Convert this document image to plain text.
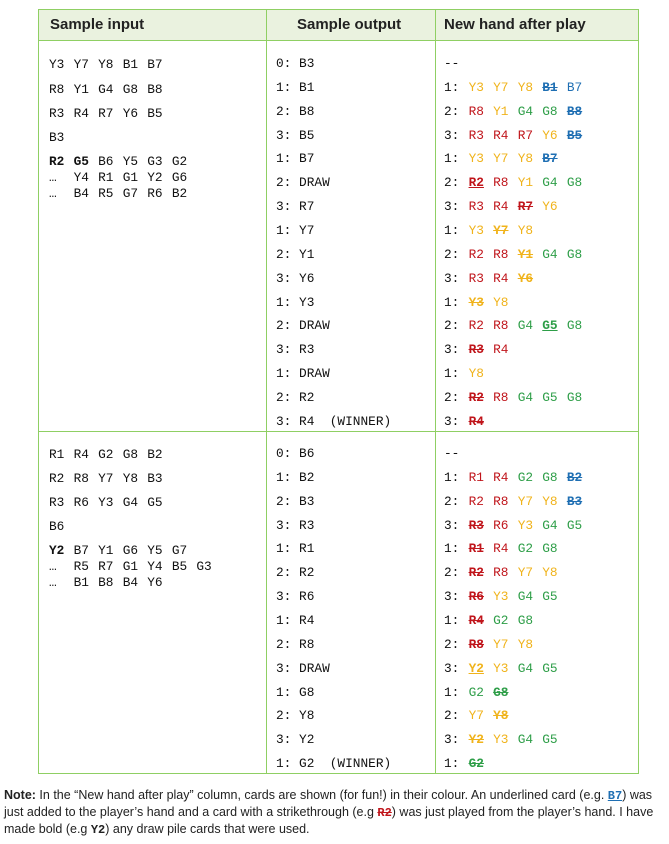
Sample input	Sample output	New hand after play
Y3 Y7 Y8 B1 B7
R8 Y1 G4 G8 B8
R3 R4 R7 Y6 B5
B3
R2 G5 B6 Y5 G3 G2
… Y4 R1 G1 Y2 G6
… B4 R5 G7 R6 B2
0: B3	--
1: B1	1: Y3 Y7 Y8 B1 B7
2: B8	2: R8 Y1 G4 G8 B8
3: B5	3: R3 R4 R7 Y6 B5
1: B7	1: Y3 Y7 Y8 B7
2: DRAW	2: R2 R8 Y1 G4 G8
3: R7	3: R3 R4 R7 Y6
1: Y7	1: Y3 Y7 Y8
2: Y1	2: R2 R8 Y1 G4 G8
3: Y6	3: R3 R4 Y6
1: Y3	1: Y3 Y8
2: DRAW	2: R2 R8 G4 G5 G8
3: R3	3: R3 R4
1: DRAW	1: Y8
2: R2	2: R2 R8 G4 G5 G8
3: R4  (WINNER)	3: R4
R1 R4 G2 G8 B2
R2 R8 Y7 Y8 B3
R3 R6 Y3 G4 G5
B6
Y2 B7 Y1 G6 Y5 G7
… R5 R7 G1 Y4 B5 G3
… B1 B8 B4 Y6
0: B6	--
1: B2	1: R1 R4 G2 G8 B2
2: B3	2: R2 R8 Y7 Y8 B3
3: R3	3: R3 R6 Y3 G4 G5
1: R1	1: R1 R4 G2 G8
2: R2	2: R2 R8 Y7 Y8
3: R6	3: R6 Y3 G4 G5
1: R4	1: R4 G2 G8
2: R8	2: R8 Y7 Y8
3: DRAW	3: Y2 Y3 G4 G5
1: G8	1: G2 G8
2: Y8	2: Y7 Y8
3: Y2	3: Y2 Y3 G4 G5
1: G2  (WINNER)	1: G2
Note: In the “New hand after play” column, cards are shown (for fun!) in their colour. An underlined card (e.g. B7) was just added to the player’s hand and a card with a strikethrough (e.g R2) was just played from the player’s hand. I have made bold (e.g Y2) any draw pile cards that were used.
